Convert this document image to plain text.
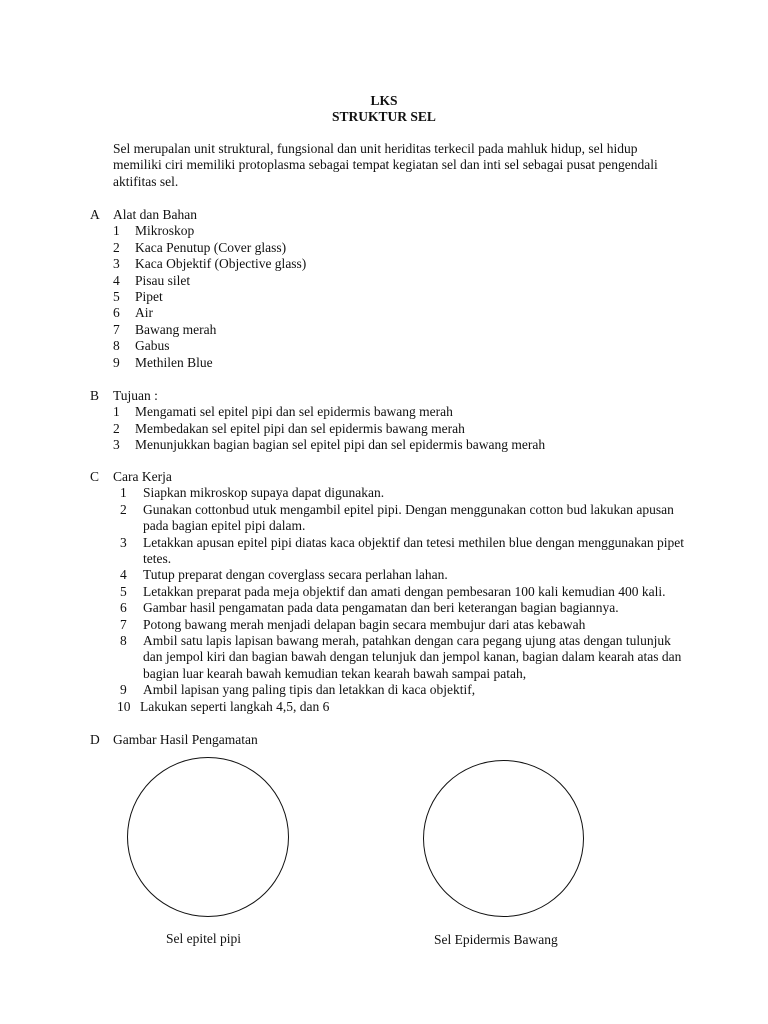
LKS
STRUKTUR SEL
Sel merupalan unit struktural, fungsional dan unit heriditas terkecil pada mahluk hidup, sel hidup memiliki ciri memiliki protoplasma sebagai tempat kegiatan sel dan inti sel sebagai pusat pengendali aktifitas sel.
A Alat dan Bahan
1	Mikroskop
2	Kaca Penutup (Cover glass)
3	Kaca Objektif (Objective glass)
4	Pisau silet
5	Pipet
6	Air
7	Bawang merah
8	Gabus
9	Methilen Blue
B	Tujuan :
1	Mengamati sel epitel pipi dan sel epidermis bawang merah
2	Membedakan sel epitel pipi dan sel epidermis bawang merah
3	Menunjukkan bagian bagian sel epitel pipi dan sel epidermis bawang merah
C	Cara Kerja
1	Siapkan mikroskop supaya dapat digunakan.
2	Gunakan cottonbud utuk mengambil epitel pipi. Dengan menggunakan cotton bud lakukan apusan pada bagian epitel pipi dalam.
3	Letakkan apusan epitel pipi diatas kaca objektif dan tetesi methilen blue dengan menggunakan pipet tetes.
4	Tutup preparat dengan coverglass secara perlahan lahan.
5	Letakkan preparat pada meja objektif dan amati dengan pembesaran 100 kali kemudian 400 kali.
6	Gambar hasil pengamatan pada data pengamatan dan beri keterangan bagian bagiannya.
7	Potong bawang merah menjadi delapan bagin secara membujur dari atas kebawah
8	Ambil satu lapis lapisan bawang merah, patahkan dengan cara pegang ujung atas dengan tulunjuk dan jempol kiri dan bagian bawah dengan telunjuk dan jempol kanan, bagian dalam kearah atas dan bagian luar kearah bawah kemudian tekan kearah bawah sampai patah,
9	Ambil lapisan yang paling tipis dan letakkan di kaca objektif,
10 Lakukan seperti langkah 4,5, dan 6
D Gambar Hasil Pengamatan
Sel epitel pipi	Sel Epidermis Bawang
